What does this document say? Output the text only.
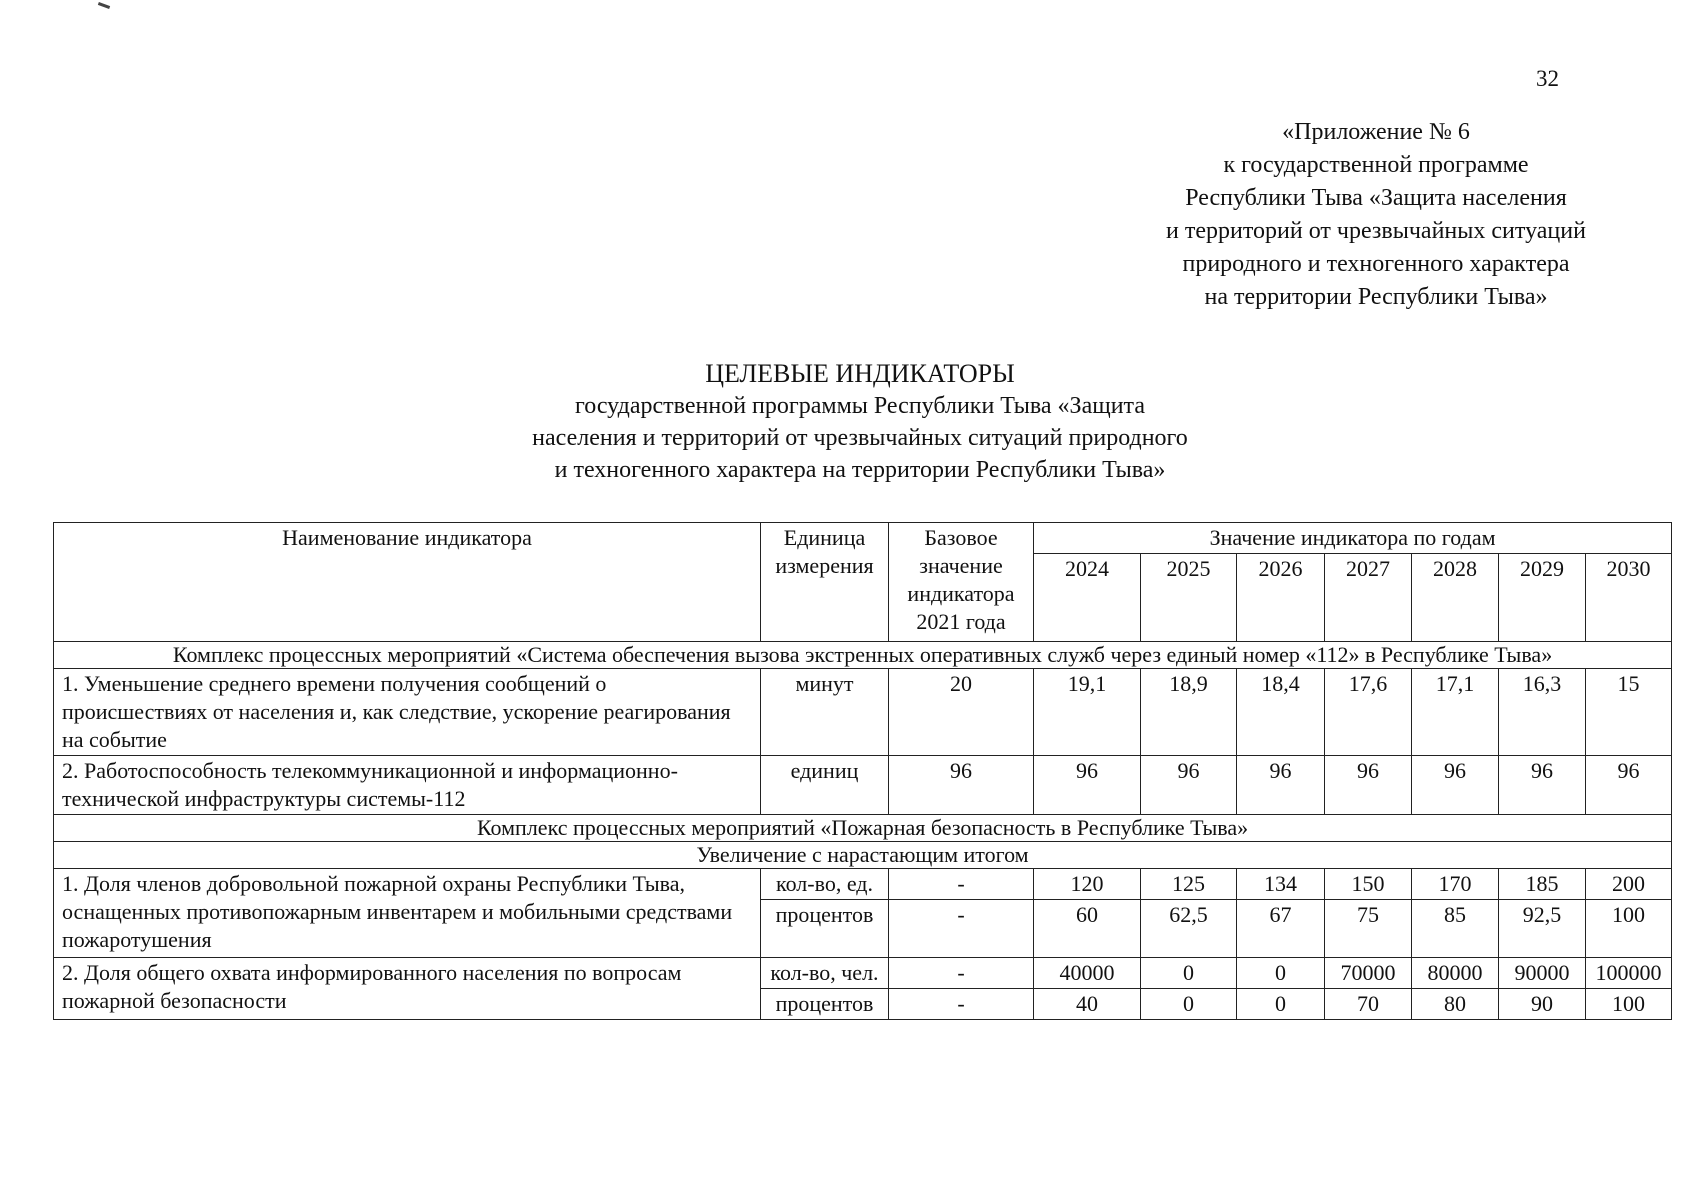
32
«Приложение № 6
к государственной программе
Республики Тыва «Защита населения
и территорий от чрезвычайных ситуаций
природного и техногенного характера
на территории Республики Тыва»
ЦЕЛЕВЫЕ ИНДИКАТОРЫ
государственной программы Республики Тыва «Защита
населения и территорий от чрезвычайных ситуаций природного
и техногенного характера на территории Республики Тыва»
Наименование индикатора	Единица измерения	Базовое значение индикатора 2021 года	Значение индикатора по годам						
			2024	2025	2026	2027	2028	2029	2030
Комплекс процессных мероприятий «Система обеспечения вызова экстренных оперативных служб через единый номер «112» в Республике Тыва»									
1. Уменьшение среднего времени получения сообщений о происшествиях от населения и, как следствие, ускорение реагирования на событие	минут	20	19,1	18,9	18,4	17,6	17,1	16,3	15
2. Работоспособность телекоммуникационной и информационно-технической инфраструктуры системы-112	единиц	96	96	96	96	96	96	96	96
Комплекс процессных мероприятий «Пожарная безопасность в Республике Тыва»									
Увеличение с нарастающим итогом									
1. Доля членов добровольной пожарной охраны Республики Тыва, оснащенных противопожарным инвентарем и мобильными средствами пожаротушения	кол-во, ед.	-	120	125	134	150	170	185	200
	процентов	-	60	62,5	67	75	85	92,5	100
2. Доля общего охвата информированного населения по вопросам пожарной безопасности	кол-во, чел.	-	40000	0	0	70000	80000	90000	100000
	процентов	-	40	0	0	70	80	90	100
